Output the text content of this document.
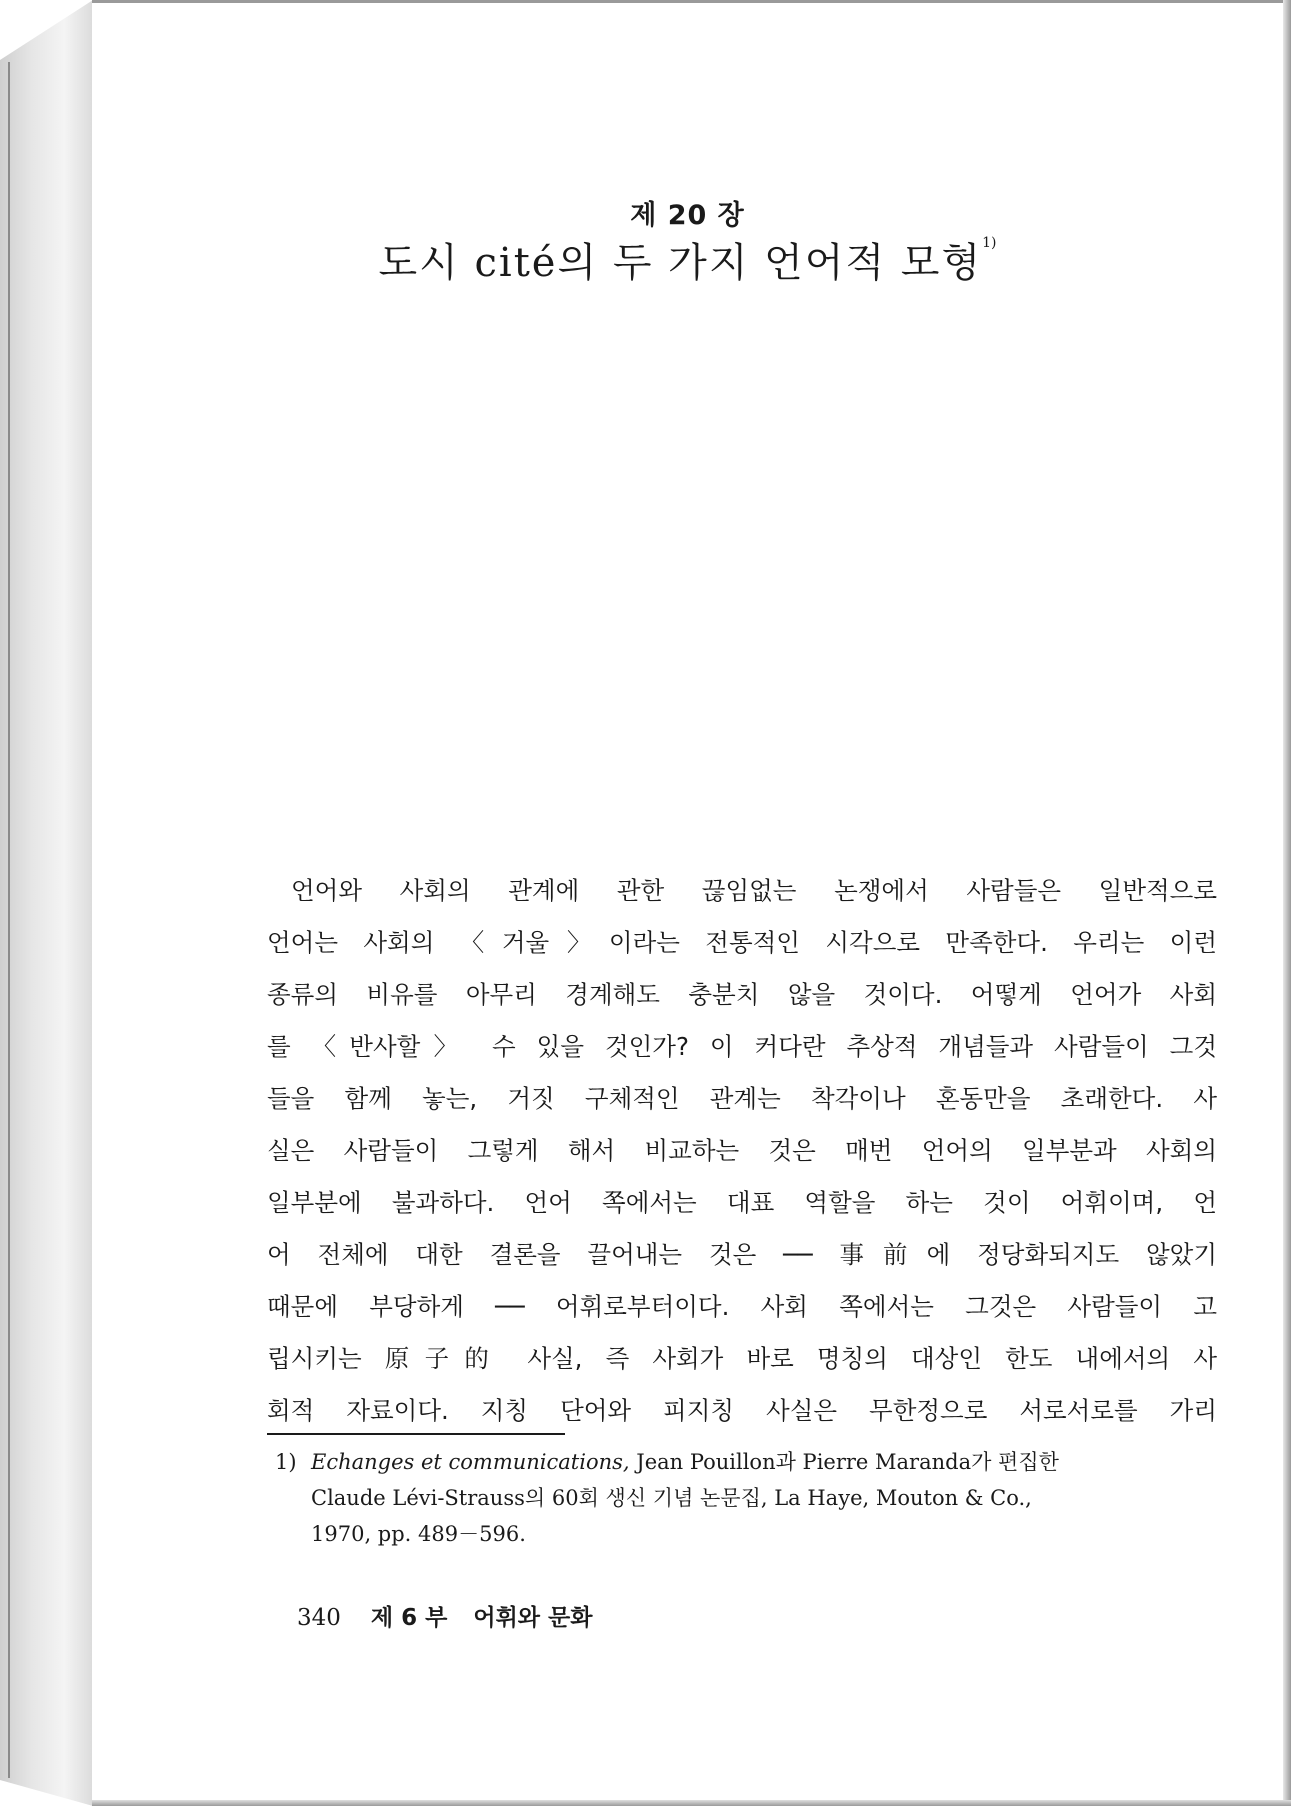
제 20 장
도시 cité의 두 가지 언어적 모형$^{1)}$
언어와 사회의 관계에 관한 끊임없는 논쟁에서 사람들은 일반적으로
언어는 사회의 〈거울〉이라는 전통적인 시각으로 만족한다. 우리는 이런
종류의 비유를 아무리 경계해도 충분치 않을 것이다. 어떻게 언어가 사회
를 〈반사할〉 수 있을 것인가? 이 커다란 추상적 개념들과 사람들이 그것
들을 함께 놓는, 거짓 구체적인 관계는 착각이나 혼동만을 초래한다. 사
실은 사람들이 그렇게 해서 비교하는 것은 매번 언어의 일부분과 사회의
일부분에 불과하다. 언어 쪽에서는 대표 역할을 하는 것이 어휘이며, 언
어 전체에 대한 결론을 끌어내는 것은 ── 事前에 정당화되지도 않았기
때문에 부당하게 ── 어휘로부터이다. 사회 쪽에서는 그것은 사람들이 고
립시키는 原子的 사실, 즉 사회가 바로 명칭의 대상인 한도 내에서의 사
회적 자료이다. 지칭 단어와 피지칭 사실은 무한정으로 서로서로를 가리
1) Echanges et communications, Jean Pouillon과 Pierre Maranda가 편집한
Claude Lévi-Strauss의 60회 생신 기념 논문집, La Haye, Mouton & Co.,
1970, pp. 489－596.
340 제 6 부 어휘와 문화
